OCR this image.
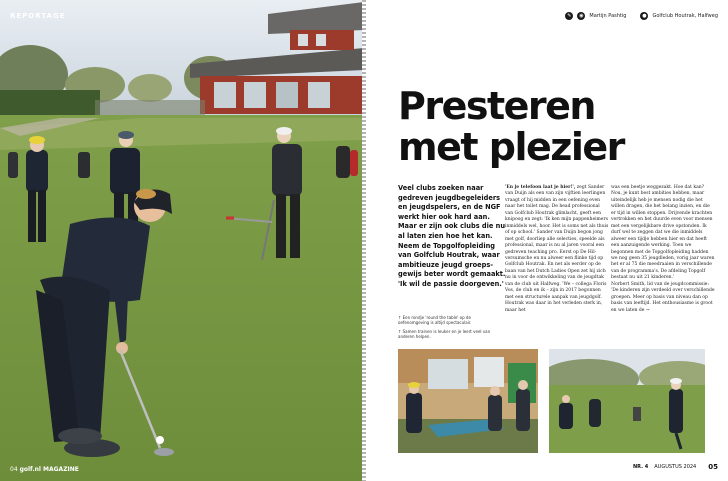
REPORTAGE
04 golf.nl MAGAZINE
✎	◉	Martijn Pashtig	●	Golfclub Houtrak, Halfweg
Presteren
met plezier
Veel clubs zoeken naar gedreven jeugdbegeleiders en jeugdspelers, en de NGF werkt hier ook hard aan. Maar er zijn ook clubs die nu al laten zien hoe het kan. Neem de Topgolfopleiding van Golfclub Houtrak, waar ambitieuze jeugd groeps-gewijs beter wordt gemaakt. 'Ik wil de passie doorgeven.'

↑ Een rondje 'round the table' op de oefenomgeving is altijd spectaculair.

↑ Samen trainen is leuker en je leert veel van anderen helpen.

'En je telefoon laat je hier!', zegt Sander van Duijn als een van zijn vijftien leerlingen vraagt of hij midden in een oefening even naar het toilet mag. De head professional van Golfclub Houtrak glimlacht, geeft een knipoog en zegt: 'Ik ken mijn pappenheimers inmiddels wel, hoor. Het is soms net als thuis of op school.' Sander van Duijn begon jong met golf, doorliep alle selecties, speelde als professional, maar is nu al jaren vooral een gedreven teaching pro. Eerst op De Hil-versumsche en nu alweer een flinke tijd op Golfclub Houtrak. En net als eerder op de baan van het Dutch Ladies Open zet hij zich nu in voor de ontwikkeling van de jeugdtak van de club uit Halfweg. 'We – collega Floris Vos, de club en ik – zijn in 2017 begonnen met een structurele aanpak van jeugdgolf. Houtrak was daar in het verleden sterk in, maar het

was een beetje weggezakt. Hoe dat kan? Nou, je kunt best ambities hebben, maar uiteindelijk heb je mensen nodig die het willen dragen, die het belang inzien, en die er tijd in willen stoppen. Drijvende krachten vertrokken en het duurde even voor mensen met een vergelijkbare drive opstonden. Ik durf wel te zeggen dat we die inmiddels alweer een tijdje hebben hier en dat heeft een aanzuigende werking. Toen we begonnen met de Topgolfopleiding hadden we nog geen 35 jeugdleden, vorig jaar waren het er al 75 die meedraaien in verschillende van de programma's. De afdeling Topgolf bestaat nu uit 21 kinderen.'

Norbert Smith, lid van de jeugdcommissie: 'De kinderen zijn verdeeld over verschillende groepen. Meer op basis van niveau dan op basis van leeftijd. Het enthousiasme is groot en we laten de →

NR. 4 AUGUSTUS 2024 05
